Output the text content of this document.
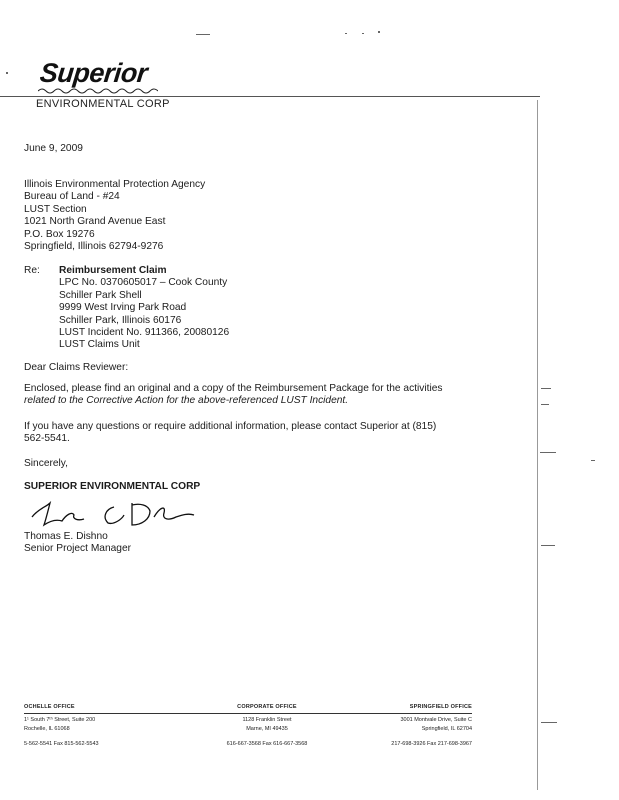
Superior
ENVIRONMENTAL CORP
June 9, 2009
Illinois Environmental Protection Agency
Bureau of Land - #24
LUST Section
1021 North Grand Avenue East
P.O. Box 19276
Springfield, Illinois 62794-9276
Re: Reimbursement Claim
LPC No. 0370605017 – Cook County
Schiller Park Shell
9999 West Irving Park Road
Schiller Park, Illinois 60176
LUST Incident No. 911366, 20080126
LUST Claims Unit
Dear Claims Reviewer:
Enclosed, please find an original and a copy of the Reimbursement Package for the activities
related to the Corrective Action for the above-referenced LUST Incident.
If you have any questions or require additional information, please contact Superior at (815)
562-5541.
Sincerely,
SUPERIOR ENVIRONMENTAL CORP
Thomas E. Dishno
Senior Project Manager
OCHELLE OFFICE
1¹ South 7ᵗʰ Street, Suite 200
Rochelle, IL 61068
5-562-5541 Fax 815-562-5543
CORPORATE OFFICE
1128 Franklin Street
Marne, MI 49435
616-667-3568 Fax 616-667-3568
SPRINGFIELD OFFICE
3001 Montvale Drive, Suite C
Springfield, IL 62704
217-698-3926 Fax 217-698-3967
